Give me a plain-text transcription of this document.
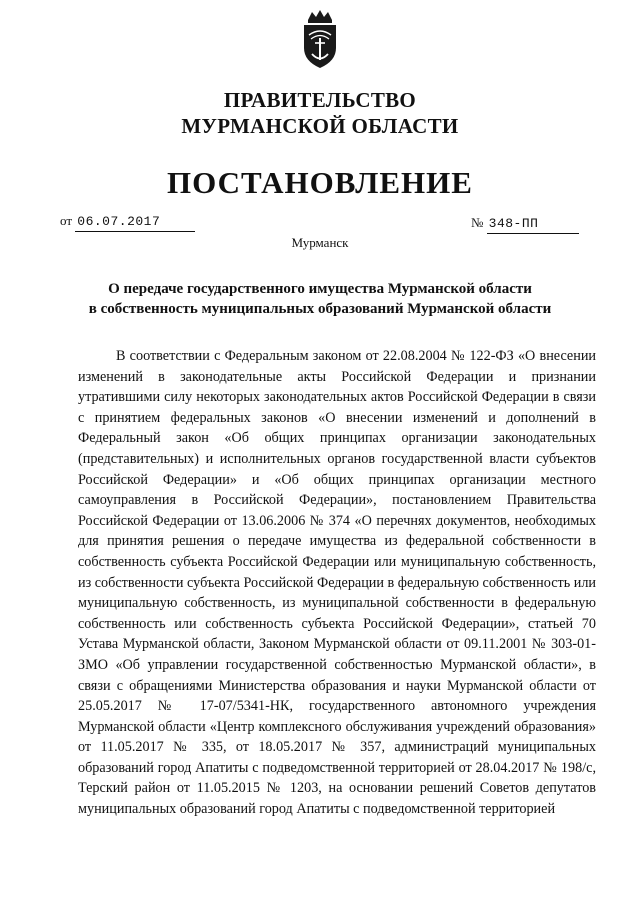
ПРАВИТЕЛЬСТВО
МУРМАНСКОЙ ОБЛАСТИ
ПОСТАНОВЛЕНИЕ
от 06.07.2017	№ 348-ПП
Мурманск
О передаче государственного имущества Мурманской области
в собственность муниципальных образований Мурманской области

В соответствии с Федеральным законом от 22.08.2004 № 122-ФЗ «О внесении изменений в законодательные акты Российской Федерации и признании утратившими силу некоторых законодательных актов Российской Федерации в связи с принятием федеральных законов «О внесении изменений и дополнений в Федеральный закон «Об общих принципах организации законодательных (представительных) и исполнительных органов государственной власти субъектов Российской Федерации» и «Об общих принципах организации местного самоуправления в Российской Федерации», постановлением Правительства Российской Федерации от 13.06.2006 № 374 «О перечнях документов, необходимых для принятия решения о передаче имущества из федеральной собственности в собственность субъекта Российской Федерации или муниципальную собственность, из собственности субъекта Российской Федерации в федеральную собственность или муниципальную собственность, из муниципальной собственности в федеральную собственность или собственность субъекта Российской Федерации», статьей 70 Устава Мурманской области, Законом Мурманской области от 09.11.2001 № 303-01-ЗМО «Об управлении государственной собственностью Мурманской области», в связи с обращениями Министерства образования и науки Мурманской области от 25.05.2017 № 17-07/5341-НК, государственного автономного учреждения Мурманской области «Центр комплексного обслуживания учреждений образования» от 11.05.2017 № 335, от 18.05.2017 № 357, администраций муниципальных образований город Апатиты с подведомственной территорией от 28.04.2017 № 198/с, Терский район от 11.05.2015 № 1203, на основании решений Советов депутатов муниципальных образований город Апатиты с подведомственной территорией
